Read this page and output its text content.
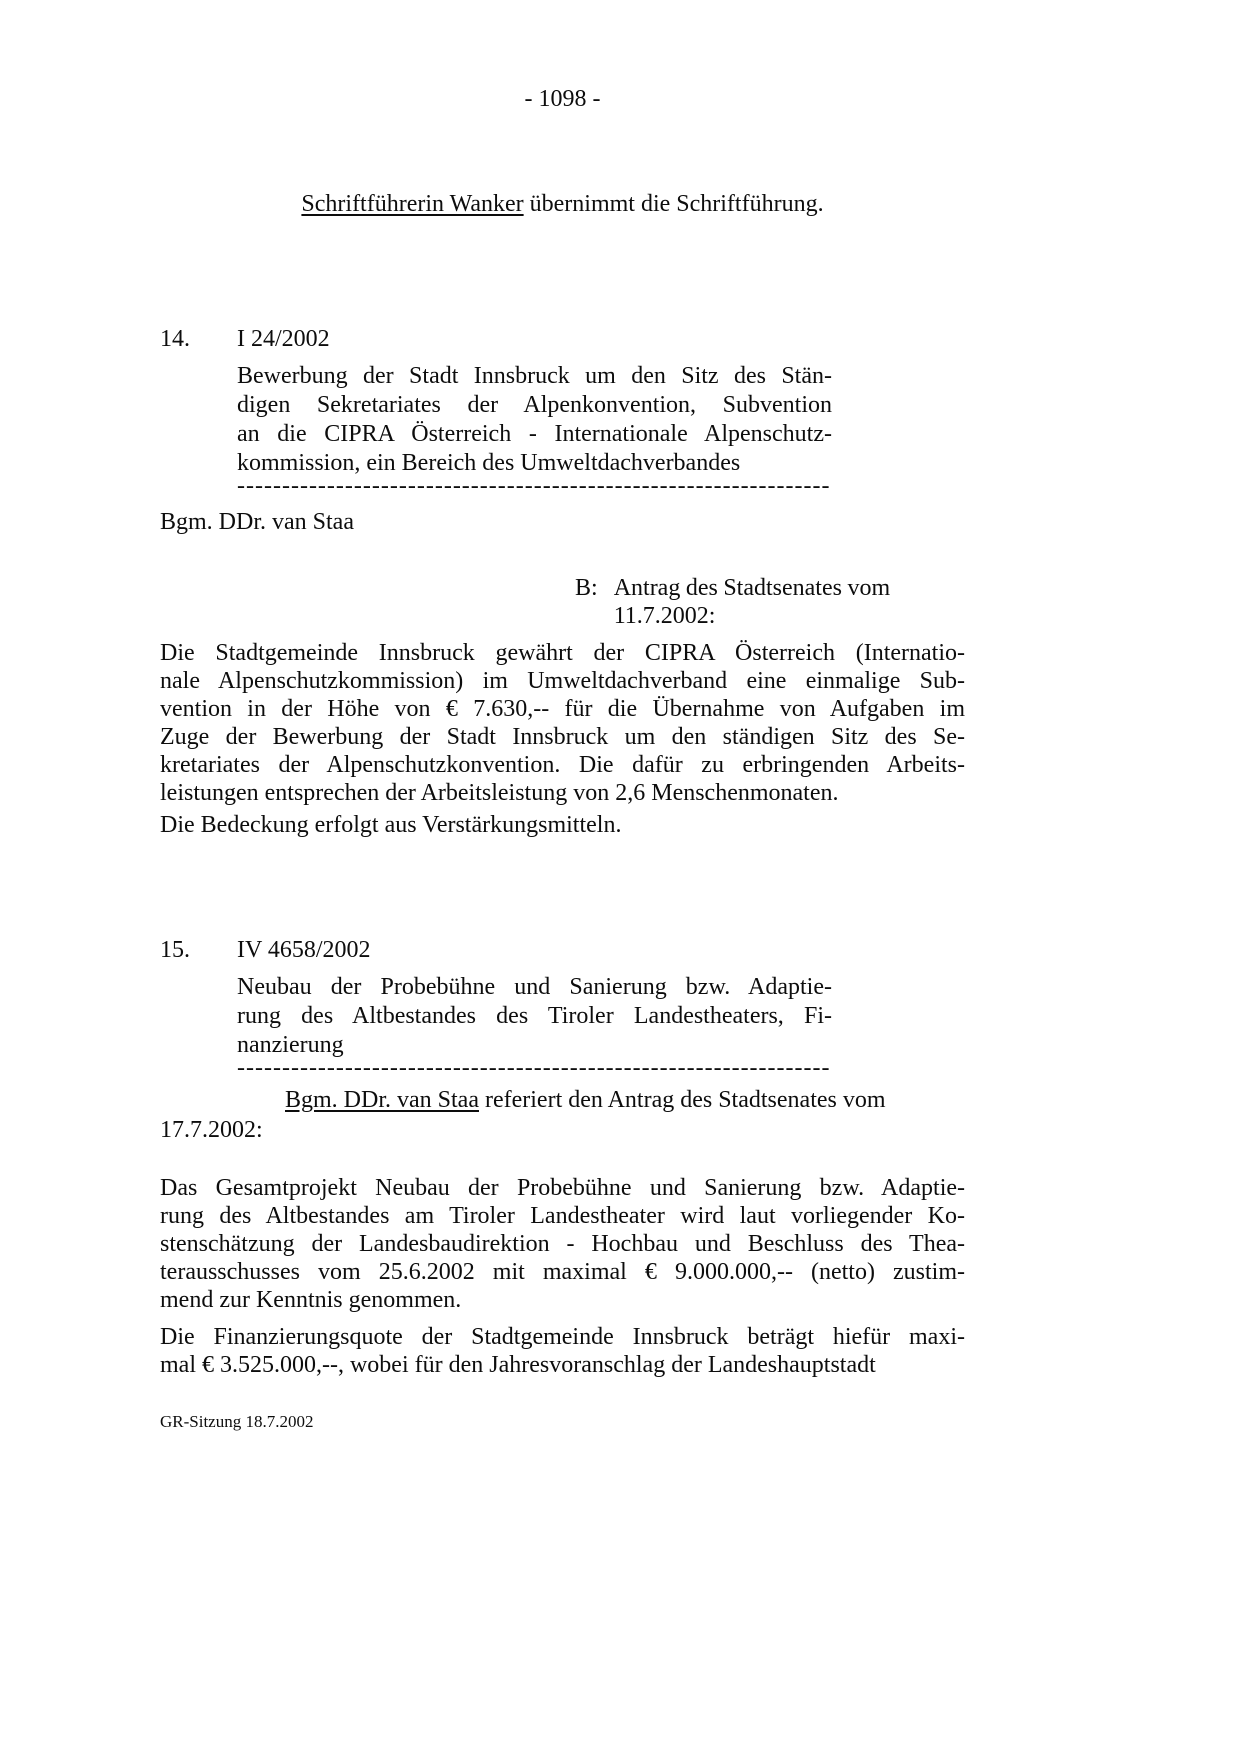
- 1098 -
Schriftführerin Wanker übernimmt die Schriftführung.
14.	I 24/2002
Bewerbung der Stadt Innsbruck um den Sitz des Stän-
digen Sekretariates der Alpenkonvention, Subvention
an die CIPRA Österreich - Internationale Alpenschutz-
kommission, ein Bereich des Umweltdachverbandes
------------------------------------------------------------------
Bgm. DDr. van Staa
B: Antrag des Stadtsenates vom
11.7.2002:
Die Stadtgemeinde Innsbruck gewährt der CIPRA Österreich (Internatio-
nale Alpenschutzkommission) im Umweltdachverband eine einmalige Sub-
vention in der Höhe von € 7.630,-- für die Übernahme von Aufgaben im
Zuge der Bewerbung der Stadt Innsbruck um den ständigen Sitz des Se-
kretariates der Alpenschutzkonvention. Die dafür zu erbringenden Arbeits-
leistungen entsprechen der Arbeitsleistung von 2,6 Menschenmonaten.
Die Bedeckung erfolgt aus Verstärkungsmitteln.
15.	IV 4658/2002
Neubau der Probebühne und Sanierung bzw. Adaptie-
rung des Altbestandes des Tiroler Landestheaters, Fi-
nanzierung
------------------------------------------------------------------
Bgm. DDr. van Staa referiert den Antrag des Stadtsenates vom
17.7.2002:
Das Gesamtprojekt Neubau der Probebühne und Sanierung bzw. Adaptie-
rung des Altbestandes am Tiroler Landestheater wird laut vorliegender Ko-
stenschätzung der Landesbaudirektion - Hochbau und Beschluss des Thea-
terausschusses vom 25.6.2002 mit maximal € 9.000.000,-- (netto) zustim-
mend zur Kenntnis genommen.
Die Finanzierungsquote der Stadtgemeinde Innsbruck beträgt hiefür maxi-
mal € 3.525.000,--, wobei für den Jahresvoranschlag der Landeshauptstadt
GR-Sitzung 18.7.2002
